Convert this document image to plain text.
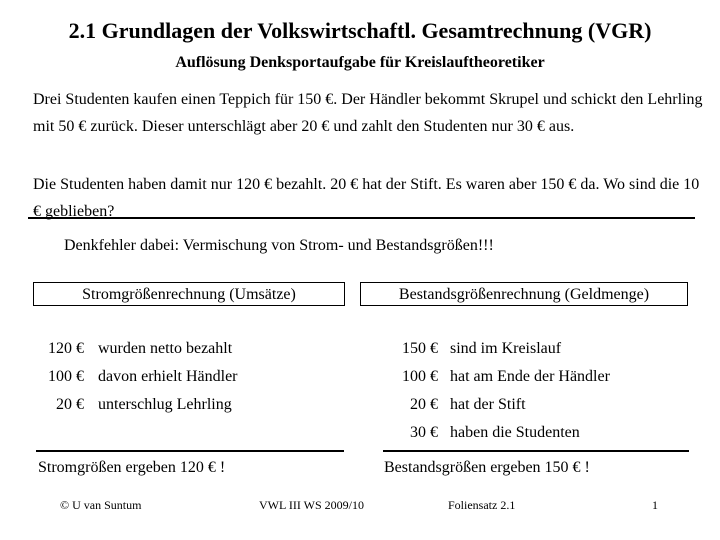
2.1 Grundlagen der Volkswirtschaftl. Gesamtrechnung (VGR)
Auflösung Denksportaufgabe für Kreislauftheoretiker
Drei Studenten kaufen einen Teppich für 150 €. Der Händler bekommt Skrupel und schickt den Lehrling mit 50 € zurück. Dieser unterschlägt aber 20 € und zahlt den Studenten nur 30 € aus.
Die Studenten haben damit nur 120 € bezahlt. 20 € hat der Stift. Es waren aber 150 € da. Wo sind die 10 € geblieben?
Denkfehler dabei: Vermischung von Strom- und Bestandsgrößen!!!
Stromgrößenrechnung (Umsätze)	Bestandsgrößenrechnung (Geldmenge)
120 € wurden netto bezahlt
100 € davon erhielt Händler
20 € unterschlug Lehrling
150 € sind im Kreislauf
100 € hat am Ende der Händler
20 € hat der Stift
30 € haben die Studenten
Stromgrößen ergeben 120 € !	Bestandsgrößen ergeben 150 € !
© U van Suntum	VWL III WS 2009/10	Foliensatz 2.1	1
